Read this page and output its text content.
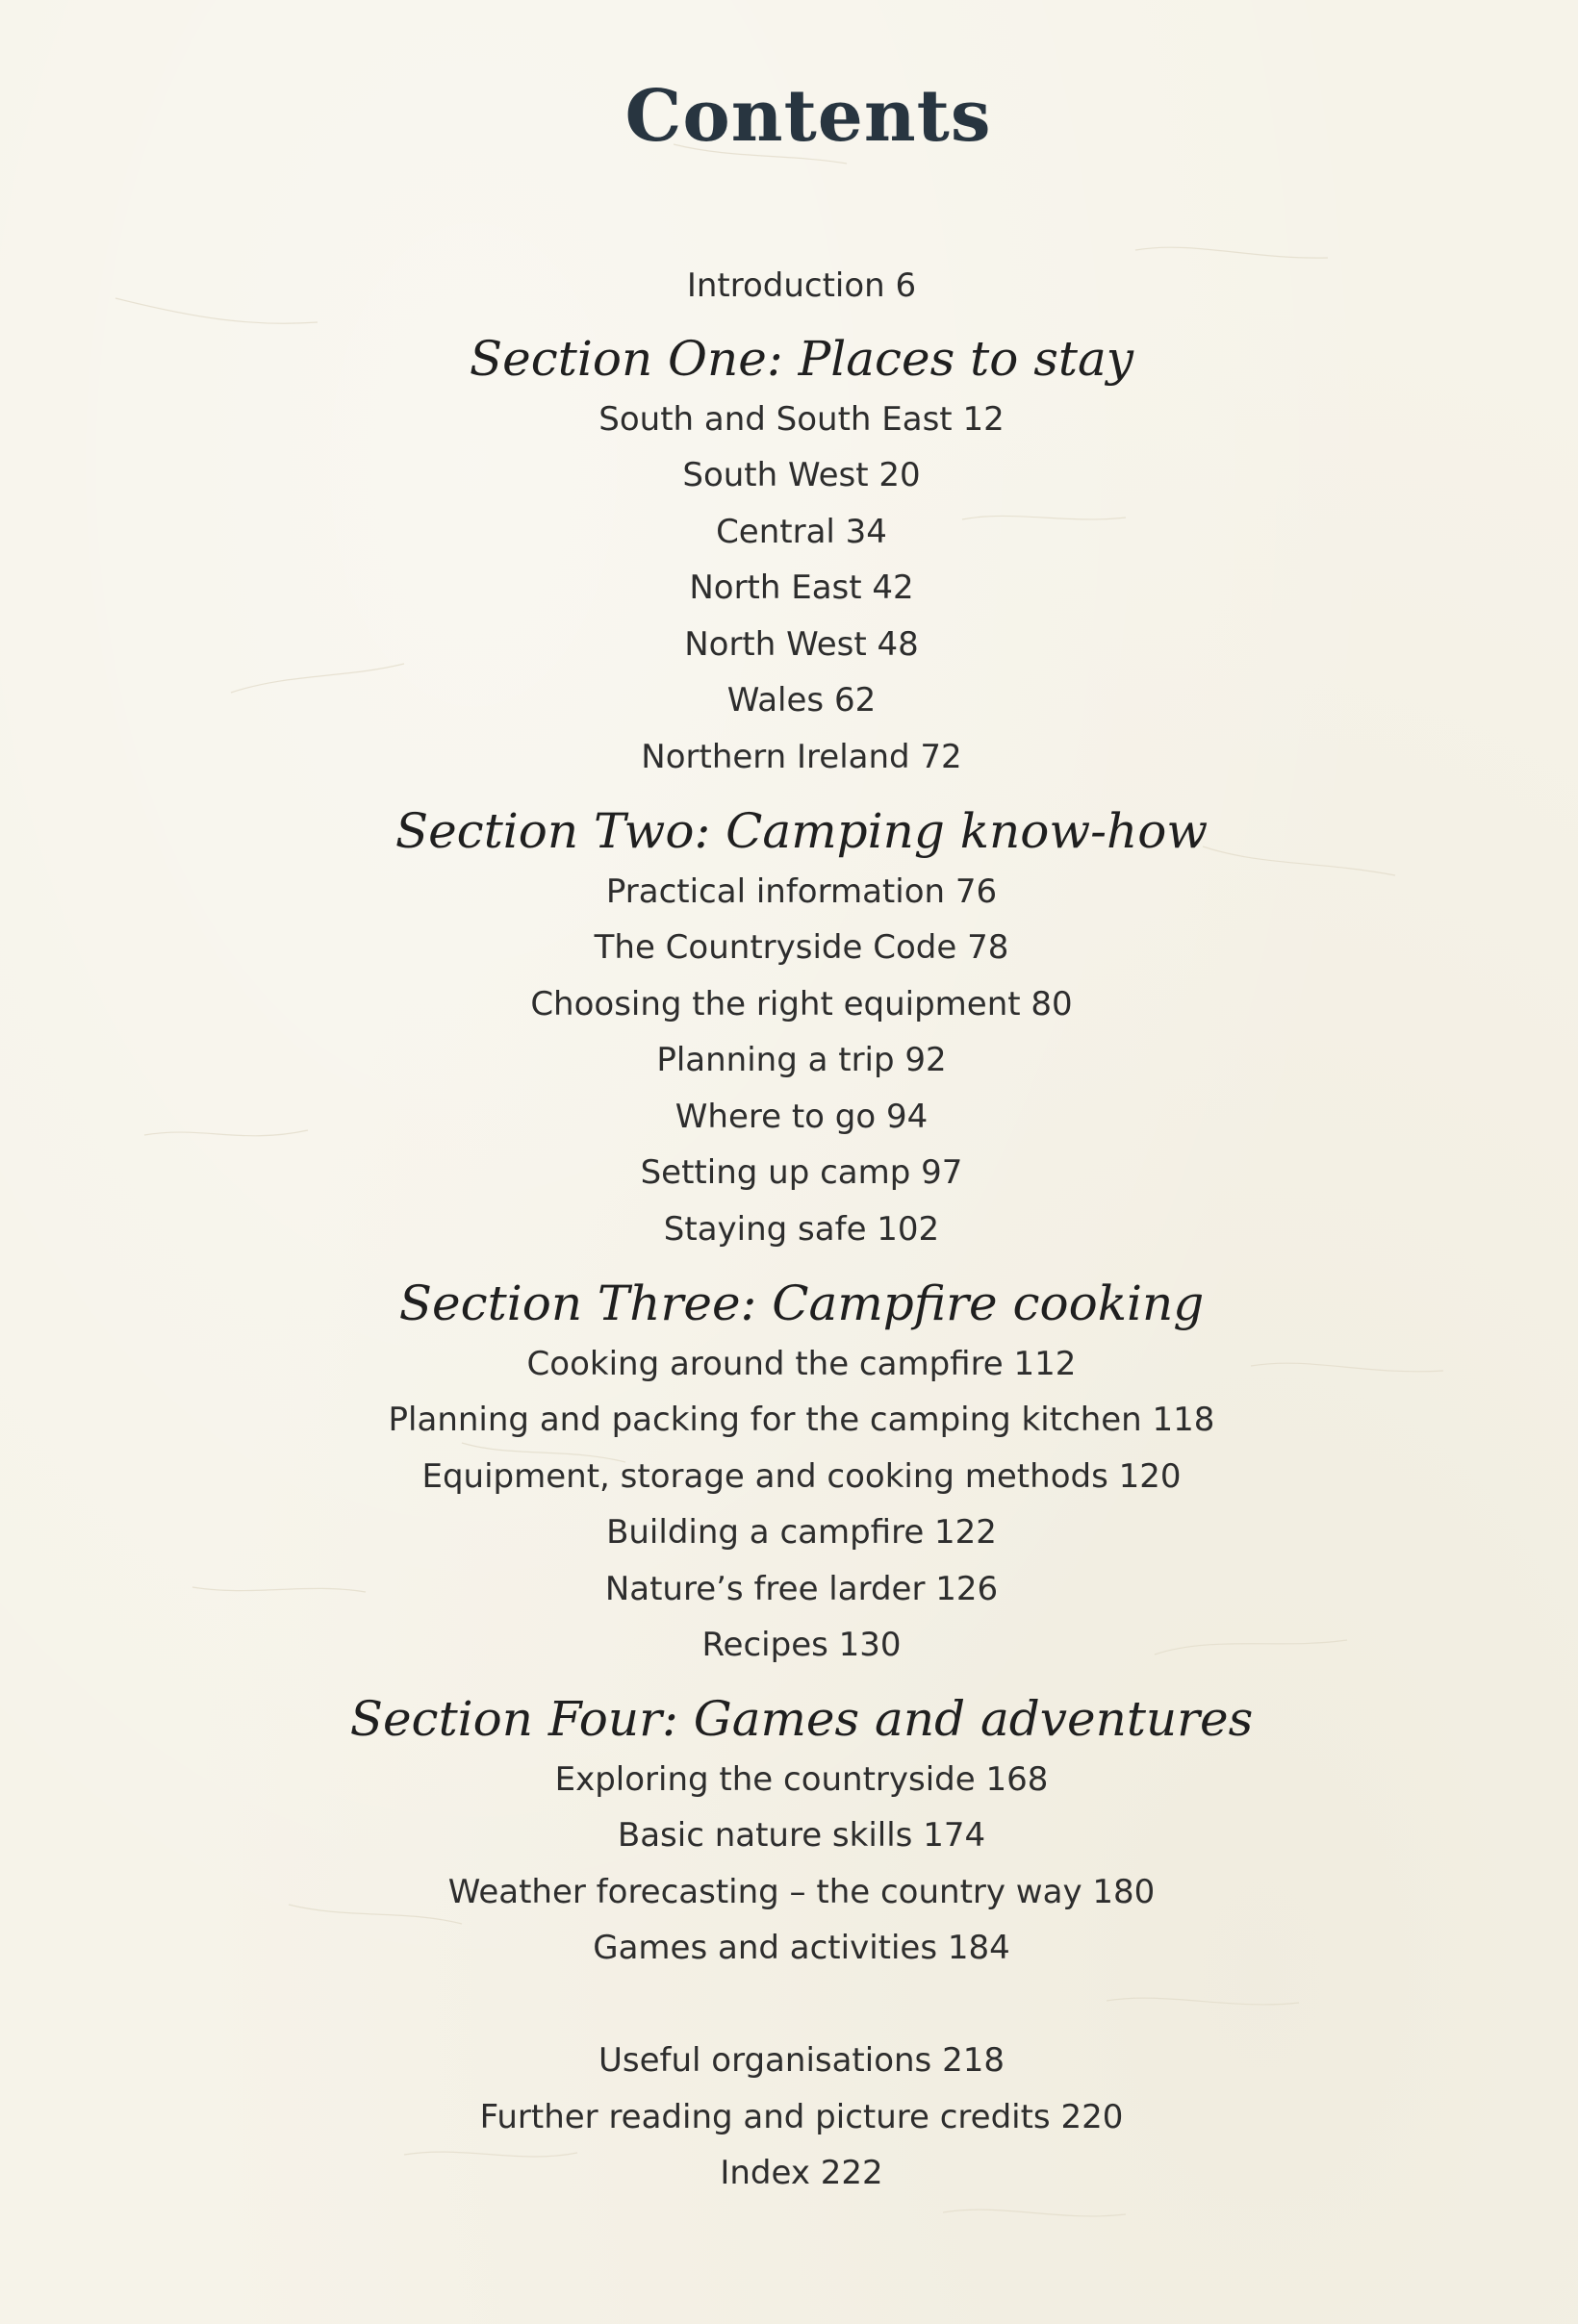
Contents
Introduction 6
Section One: Places to stay
South and South East 12
South West 20
Central 34
North East 42
North West 48
Wales 62
Northern Ireland 72
Section Two: Camping know-how
Practical information 76
The Countryside Code 78
Choosing the right equipment 80
Planning a trip 92
Where to go 94
Setting up camp 97
Staying safe 102
Section Three: Campfire cooking
Cooking around the campfire 112
Planning and packing for the camping kitchen 118
Equipment, storage and cooking methods 120
Building a campfire 122
Nature’s free larder 126
Recipes 130
Section Four: Games and adventures
Exploring the countryside 168
Basic nature skills 174
Weather forecasting – the country way 180
Games and activities 184
Useful organisations 218
Further reading and picture credits 220
Index 222
